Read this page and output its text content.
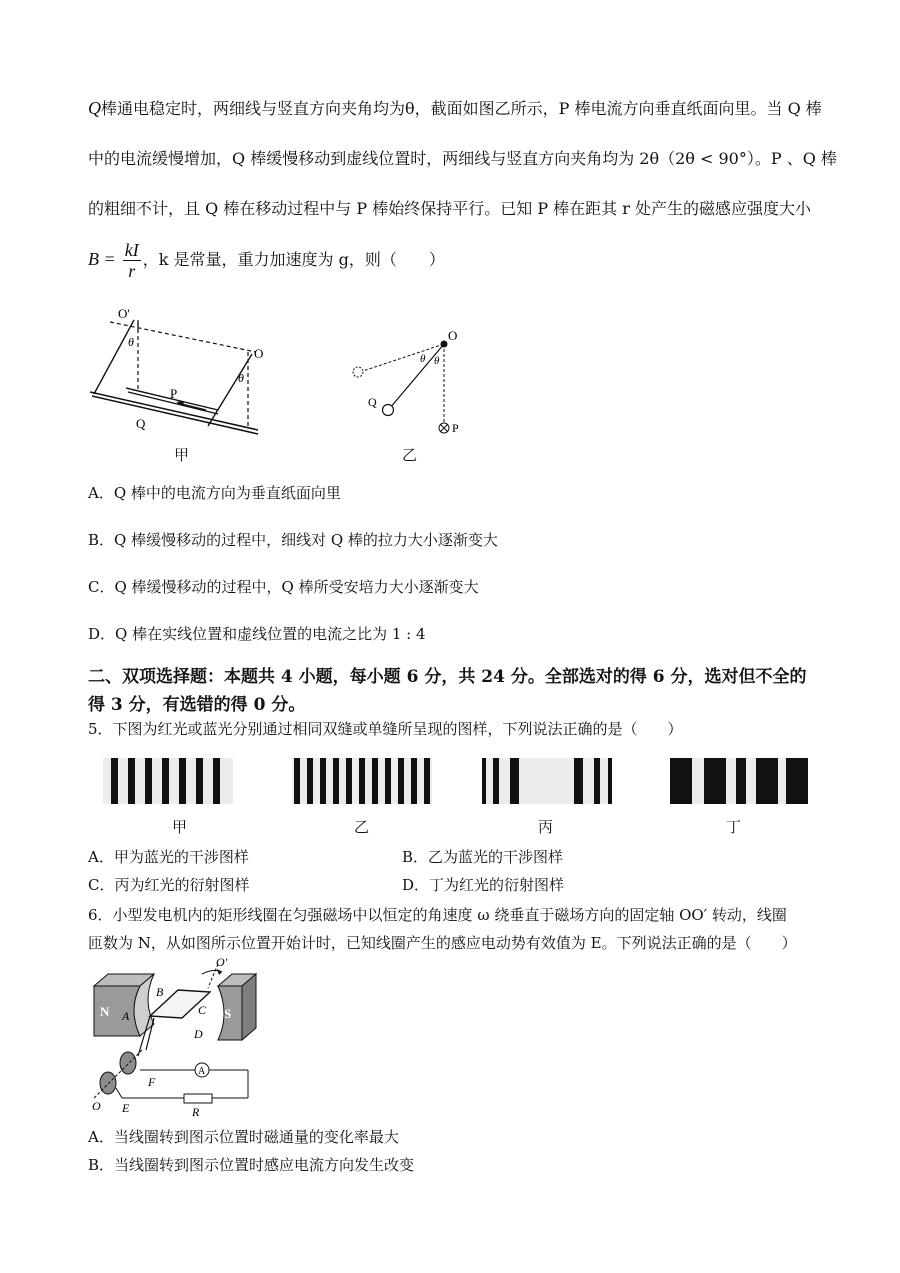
Q棒通电稳定时，两细线与竖直方向夹角均为θ，截面如图乙所示，P 棒电流方向垂直纸面向里。当 Q 棒
中的电流缓慢增加，Q 棒缓慢移动到虚线位置时，两细线与竖直方向夹角均为 2θ（2θ < 90°）。P 、Q 棒
的粗细不计，且 Q 棒在移动过程中与 P 棒始终保持平行。已知 P 棒在距其 r 处产生的磁感应强度大小
$B = \frac{kI}{r}$ ，k 是常量，重力加速度为 g，则（　　）
O'
θ
O
θ
P
Q
甲
O
θ θ
Q
P
乙
A．Q 棒中的电流方向为垂直纸面向里
B．Q 棒缓慢移动的过程中，细线对 Q 棒的拉力大小逐渐变大
C．Q 棒缓慢移动的过程中，Q 棒所受安培力大小逐渐变大
D．Q 棒在实线位置和虚线位置的电流之比为 1 : 4
二、双项选择题：本题共 4 小题，每小题 6 分，共 24 分。全部选对的得 6 分，选对但不全的
得 3 分，有选错的得 0 分。
5．下图为红光或蓝光分别通过相同双缝或单缝所呈现的图样，下列说法正确的是（　　）
甲	乙	丙	丁
A．甲为蓝光的干涉图样	B．乙为蓝光的干涉图样
C．丙为红光的衍射图样	D．丁为红光的衍射图样
6．小型发电机内的矩形线圈在匀强磁场中以恒定的角速度 ω 绕垂直于磁场方向的固定轴 OO′ 转动，线圈
匝数为 N，从如图所示位置开始计时，已知线圈产生的感应电动势有效值为 E。下列说法正确的是（　　）
O'
B
C
N A
D
S
A
F
O E	R
A．当线圈转到图示位置时磁通量的变化率最大
B．当线圈转到图示位置时感应电流方向发生改变
